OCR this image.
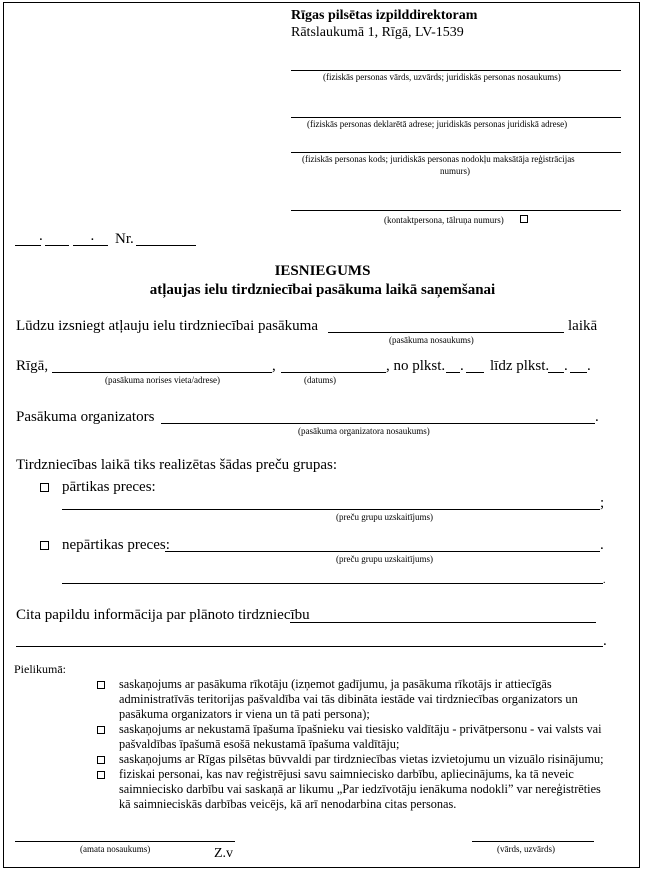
Rīgas pilsētas izpilddirektoram
Rātslaukumā 1, Rīgā, LV-1539
(fiziskās personas vārds, uzvārds; juridiskās personas nosaukums)
(fiziskās personas deklarētā adrese; juridiskās personas juridiskā adrese)
(fiziskās personas kods; juridiskās personas nodokļu maksātāja reģistrācijas
numurs)
(kontaktpersona, tālruņa numurs)
. .
Nr.
IESNIEGUMS
atļaujas ielu tirdzniecībai pasākuma laikā saņemšanai
Lūdzu izsniegt atļauju ielu tirdzniecībai pasākuma	laikā
(pasākuma nosaukums)
Rīgā,	,	, no plkst. . līdz plkst. . .
(pasākuma norises vieta/adrese)	(datums)
Pasākuma organizators	.
(pasākuma organizatora nosaukums)
Tirdzniecības laikā tiks realizētas šādas preču grupas:
pārtikas preces:
;
(preču grupu uzskaitījums)
nepārtikas preces:	.
(preču grupu uzskaitījums)
.
Cita papildu informācija par plānoto tirdzniecību
.
Pielikumā:
saskaņojums ar pasākuma rīkotāju (izņemot gadījumu, ja pasākuma rīkotājs ir attiecīgās
administratīvās teritorijas pašvaldība vai tās dibināta iestāde vai tirdzniecības organizators un
pasākuma organizators ir viena un tā pati persona);
saskaņojums ar nekustamā īpašuma īpašnieku vai tiesisko valdītāju - privātpersonu - vai valsts vai
pašvaldības īpašumā esošā nekustamā īpašuma valdītāju;
saskaņojums ar Rīgas pilsētas būvvaldi par tirdzniecības vietas izvietojumu un vizuālo risinājumu;
fiziskai personai, kas nav reģistrējusi savu saimniecisko darbību, apliecinājums, ka tā neveic
saimniecisko darbību vai saskaņā ar likumu „Par iedzīvotāju ienākuma nodokli” var nereģistrēties
kā saimnieciskās darbības veicējs, kā arī nenodarbina citas personas.
(amata nosaukums)	Z.v	(vārds, uzvārds)
